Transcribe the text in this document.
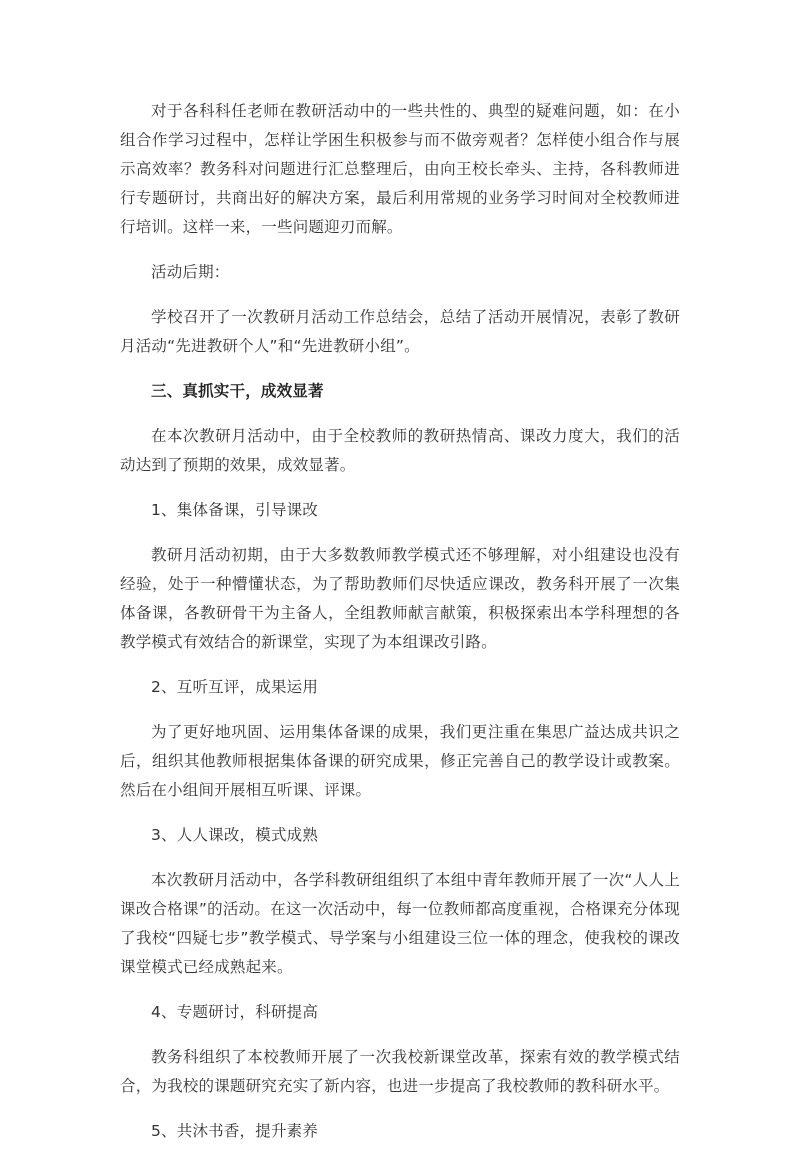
对于各科科任老师在教研活动中的一些共性的、典型的疑难问题，如：在小组合作学习过程中，怎样让学困生积极参与而不做旁观者？怎样使小组合作与展示高效率？教务科对问题进行汇总整理后，由向王校长牵头、主持，各科教师进行专题研讨，共商出好的解决方案，最后利用常规的业务学习时间对全校教师进行培训。这样一来，一些问题迎刃而解。

活动后期：

学校召开了一次教研月活动工作总结会，总结了活动开展情况，表彰了教研月活动“先进教研个人”和“先进教研小组”。

三、真抓实干，成效显著

在本次教研月活动中，由于全校教师的教研热情高、课改力度大，我们的活动达到了预期的效果，成效显著。

1、集体备课，引导课改

教研月活动初期，由于大多数教师教学模式还不够理解，对小组建设也没有经验，处于一种懵懂状态，为了帮助教师们尽快适应课改，教务科开展了一次集体备课，各教研骨干为主备人，全组教师献言献策，积极探索出本学科理想的各教学模式有效结合的新课堂，实现了为本组课改引路。

2、互听互评，成果运用

为了更好地巩固、运用集体备课的成果，我们更注重在集思广益达成共识之后，组织其他教师根据集体备课的研究成果，修正完善自己的教学设计或教案。然后在小组间开展相互听课、评课。

3、人人课改，模式成熟

本次教研月活动中，各学科教研组组织了本组中青年教师开展了一次“人人上课改合格课”的活动。在这一次活动中，每一位教师都高度重视，合格课充分体现了我校“四疑七步”教学模式、导学案与小组建设三位一体的理念，使我校的课改课堂模式已经成熟起来。

4、专题研讨，科研提高

教务科组织了本校教师开展了一次我校新课堂改革，探索有效的教学模式结合，为我校的课题研究充实了新内容，也进一步提高了我校教师的教科研水平。

5、共沐书香，提升素养
